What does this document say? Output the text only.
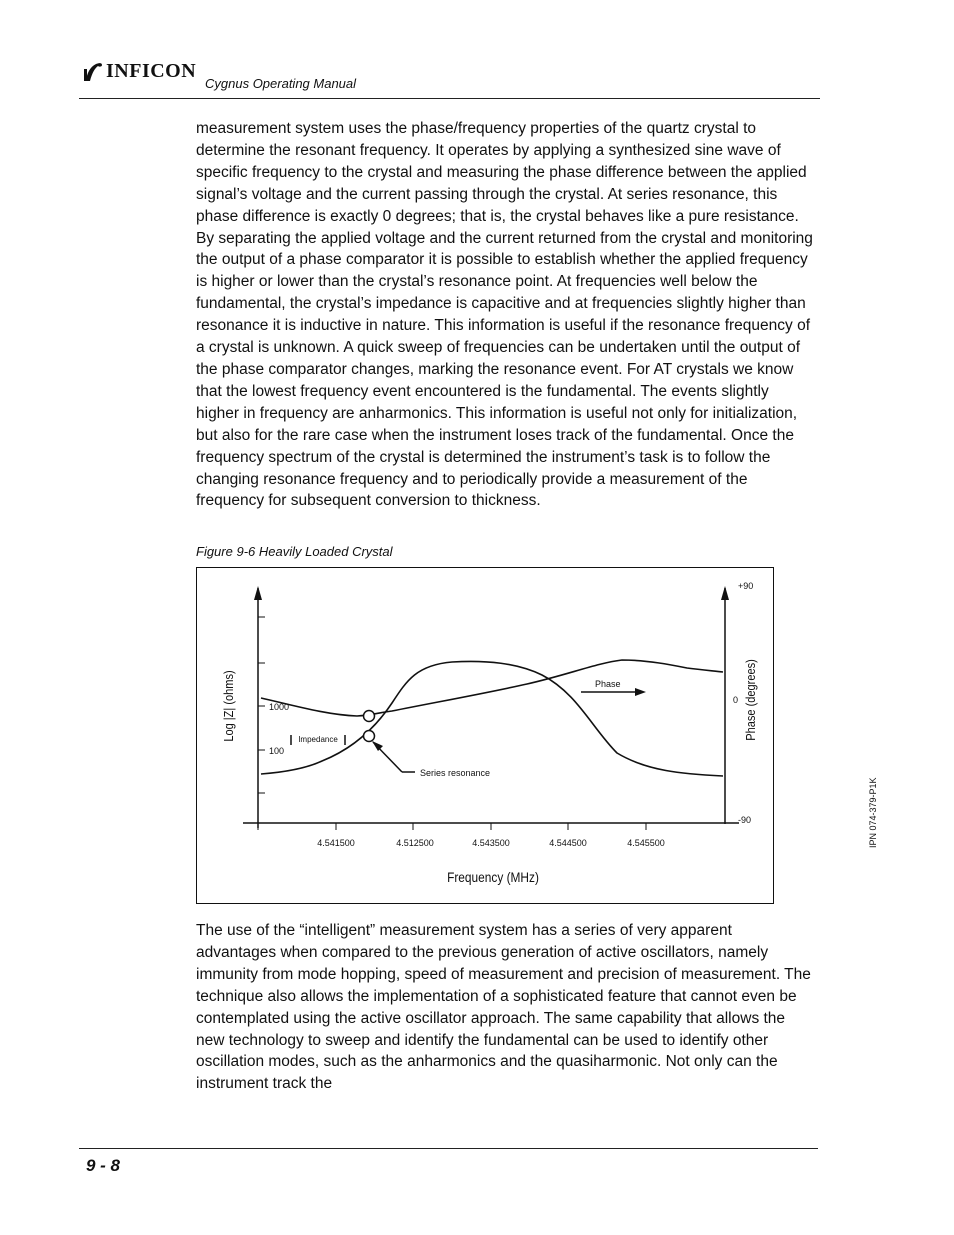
INFICON
Cygnus Operating Manual

measurement system uses the phase/frequency properties of the quartz crystal to determine the resonant frequency. It operates by applying a synthesized sine wave of specific frequency to the crystal and measuring the phase difference between the applied signal’s voltage and the current passing through the crystal. At series resonance, this phase difference is exactly 0 degrees; that is, the crystal behaves like a pure resistance. By separating the applied voltage and the current returned from the crystal and monitoring the output of a phase comparator it is possible to establish whether the applied frequency is higher or lower than the crystal’s resonance point. At frequencies well below the fundamental, the crystal’s impedance is capacitive and at frequencies slightly higher than resonance it is inductive in nature. This information is useful if the resonance frequency of a crystal is unknown. A quick sweep of frequencies can be undertaken until the output of the phase comparator changes, marking the resonance event. For AT crystals we know that the lowest frequency event encountered is the fundamental. The events slightly higher in frequency are anharmonics. This information is useful not only for initialization, but also for the rare case when the instrument loses track of the fundamental. Once the frequency spectrum of the crystal is determined the instrument’s task is to follow the changing resonance frequency and to periodically provide a measurement of the frequency for subsequent conversion to thickness.

Figure 9-6 Heavily Loaded Crystal
1000
100
+90
0
-90
4.541500	4.512500	4.543500	4.544500	4.545500
Impedance
Phase
Series resonance
Log |Z| (ohms)	Phase (degrees)
Frequency (MHz)

The use of the “intelligent” measurement system has a series of very apparent advantages when compared to the previous generation of active oscillators, namely immunity from mode hopping, speed of measurement and precision of measurement. The technique also allows the implementation of a sophisticated feature that cannot even be contemplated using the active oscillator approach. The same capability that allows the new technology to sweep and identify the fundamental can be used to identify other oscillation modes, such as the anharmonics and the quasiharmonic. Not only can the instrument track the

IPN 074-379-P1K
9 - 8
